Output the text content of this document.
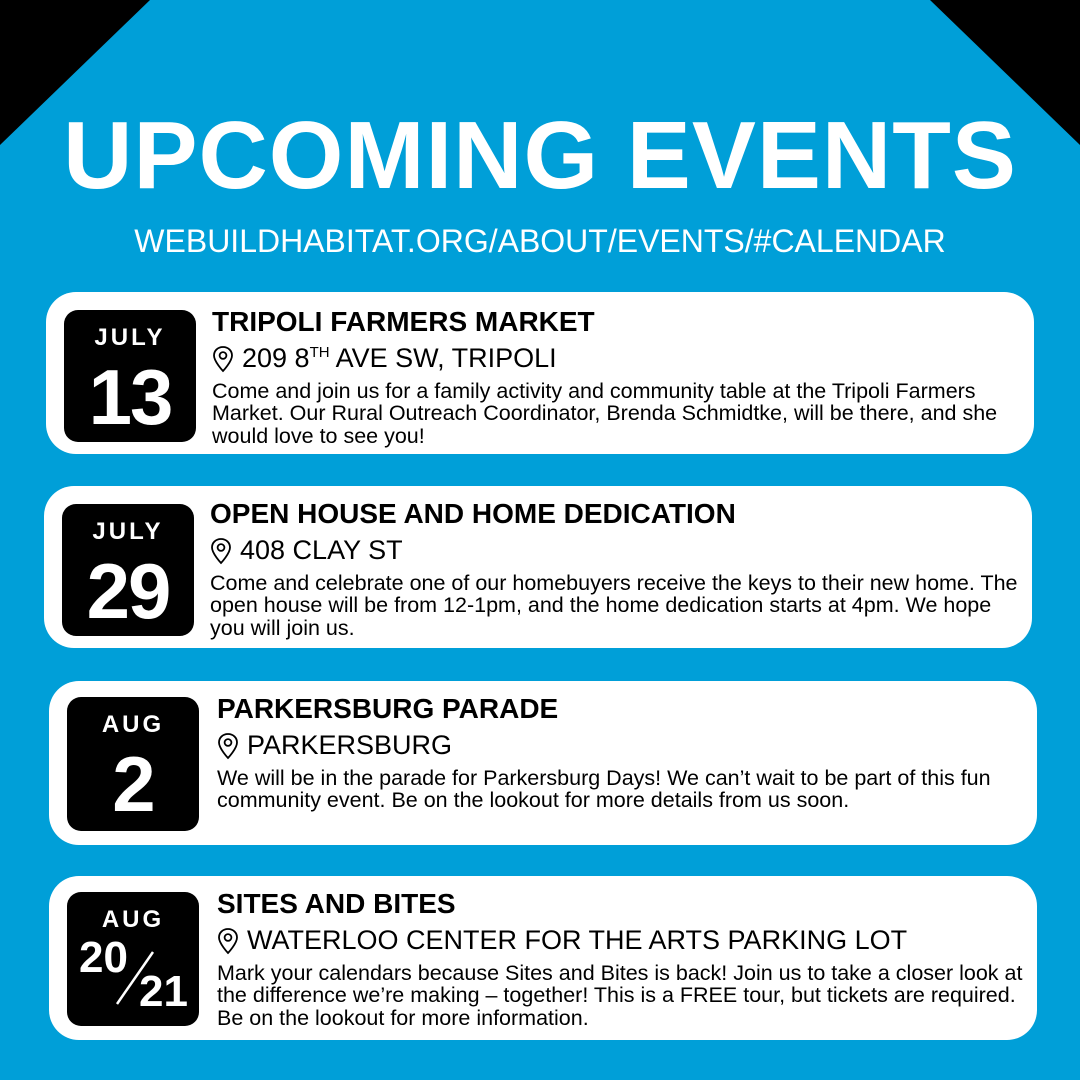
UPCOMING EVENTS
WEBUILDHABITAT.ORG/ABOUT/EVENTS/#CALENDAR
JULY
13
TRIPOLI FARMERS MARKET
209 8TH AVE SW, TRIPOLI
Come and join us for a family activity and community table at the Tripoli Farmers Market. Our Rural Outreach Coordinator, Brenda Schmidtke, will be there, and she would love to see you!
JULY
29
OPEN HOUSE AND HOME DEDICATION
408 CLAY ST
Come and celebrate one of our homebuyers receive the keys to their new home. The open house will be from 12-1pm, and the home dedication starts at 4pm. We hope you will join us.
AUG
2
PARKERSBURG PARADE
PARKERSBURG
We will be in the parade for Parkersburg Days! We can’t wait to be part of this fun community event. Be on the lookout for more details from us soon.
AUG
20
21
SITES AND BITES
WATERLOO CENTER FOR THE ARTS PARKING LOT
Mark your calendars because Sites and Bites is back! Join us to take a closer look at the difference we’re making – together! This is a FREE tour, but tickets are required. Be on the lookout for more information.
